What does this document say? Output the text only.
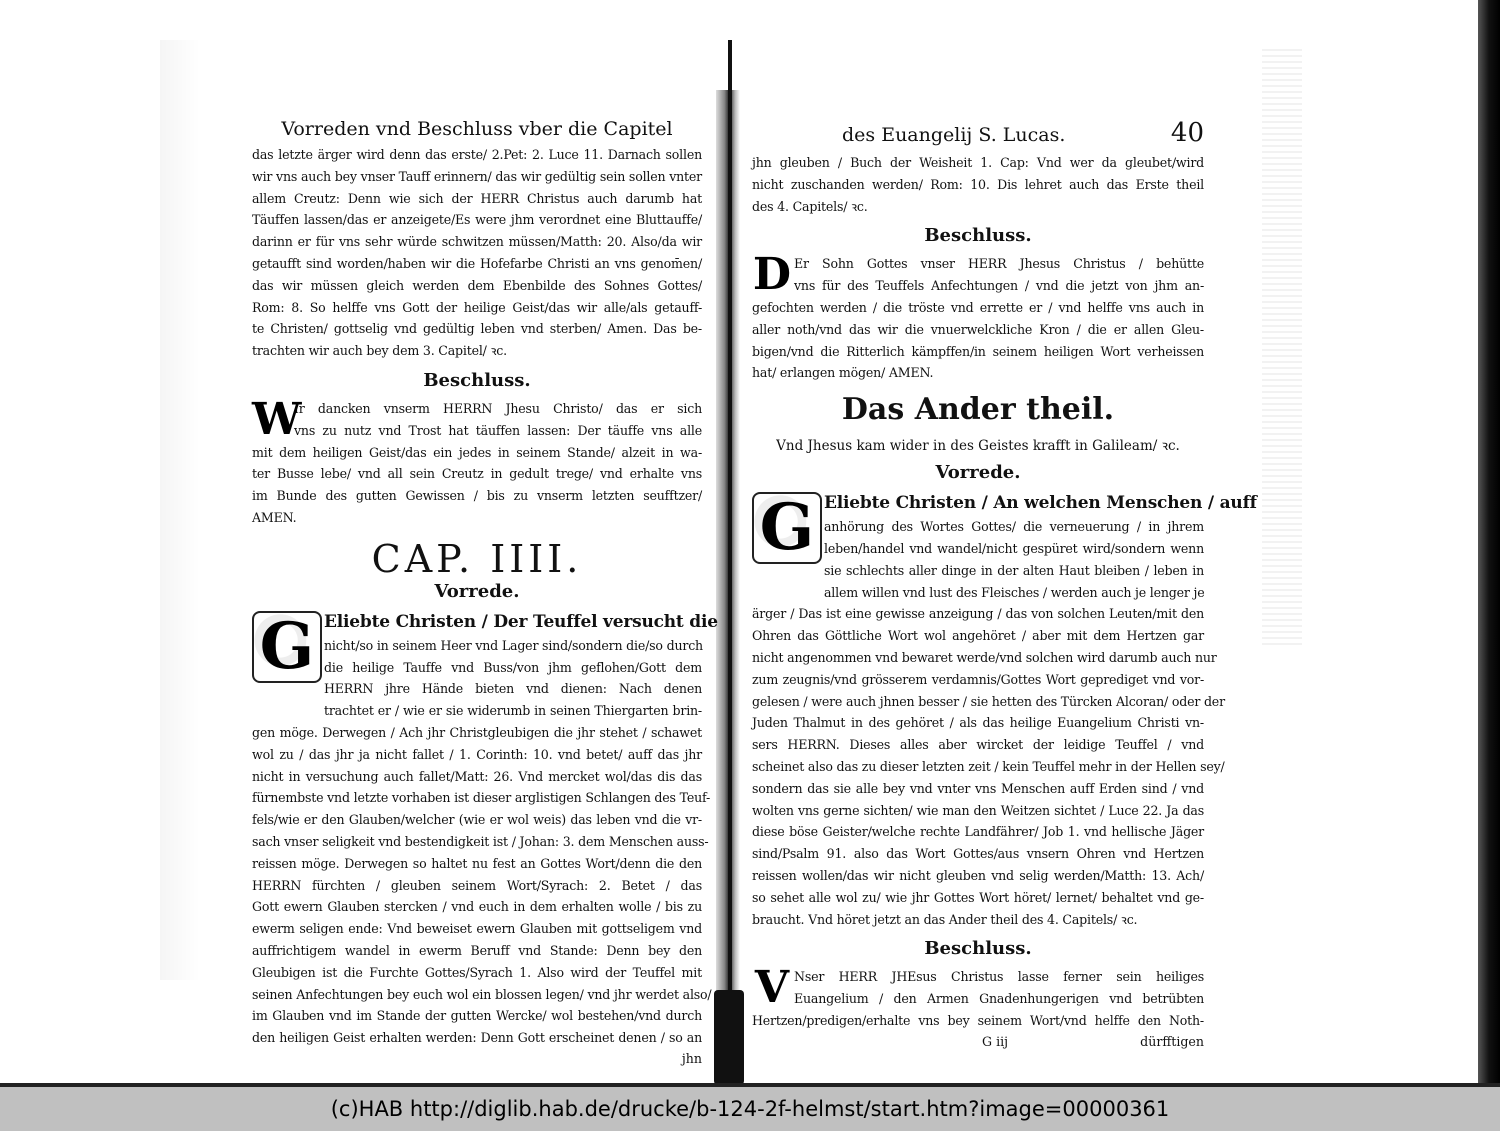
Vorreden vnd Beschluss vber die Capitel
das letzte ärger wird denn das erste/ 2.Pet: 2. Luce 11. Darnach sollen
wir vns auch bey vnser Tauff erinnern/ das wir gedültig sein sollen vnter
allem Creutz: Denn wie sich der HERR Christus auch darumb hat
Täuffen lassen/das er anzeigete/Es were jhm verordnet eine Bluttauffe/
darinn er für vns sehr würde schwitzen müssen/Matth: 20. Also/da wir
getaufft sind worden/haben wir die Hofefarbe Christi an vns genom̄en/
das wir müssen gleich werden dem Ebenbilde des Sohnes Gottes/
Rom: 8. So helffe vns Gott der heilige Geist/das wir alle/als getauff-
te Christen/ gottselig vnd gedültig leben vnd sterben/ Amen. Das be-
trachten wir auch bey dem 3. Capitel/ ꝛc.
Beschluss.
W
Ir dancken vnserm HERRN Jhesu Christo/ das er sich
vns zu nutz vnd Trost hat täuffen lassen: Der täuffe vns alle
mit dem heiligen Geist/das ein jedes in seinem Stande/ alzeit in wa-
ter Busse lebe/ vnd all sein Creutz in gedult trege/ vnd erhalte vns
im Bunde des gutten Gewissen / bis zu vnserm letzten seufftzer/
AMEN.
CAP. IIII.
Vorrede.
G Eliebte Christen / Der Teuffel versucht die
nicht/so in seinem Heer vnd Lager sind/sondern die/so durch
die heilige Tauffe vnd Buss/von jhm geflohen/Gott dem
HERRN jhre Hände bieten vnd dienen: Nach denen
trachtet er / wie er sie widerumb in seinen Thiergarten brin-
gen möge. Derwegen / Ach jhr Christgleubigen die jhr stehet / schawet
wol zu / das jhr ja nicht fallet / 1. Corinth: 10. vnd betet/ auff das jhr
nicht in versuchung auch fallet/Matt: 26. Vnd mercket wol/das dis das
fürnembste vnd letzte vorhaben ist dieser arglistigen Schlangen des Teuf-
fels/wie er den Glauben/welcher (wie er wol weis) das leben vnd die vr-
sach vnser seligkeit vnd bestendigkeit ist / Johan: 3. dem Menschen auss-
reissen möge. Derwegen so haltet nu fest an Gottes Wort/denn die den
HERRN fürchten / gleuben seinem Wort/Syrach: 2. Betet / das
Gott ewern Glauben stercken / vnd euch in dem erhalten wolle / bis zu
ewerm seligen ende: Vnd beweiset ewern Glauben mit gottseligem vnd
auffrichtigem wandel in ewerm Beruff vnd Stande: Denn bey den
Gleubigen ist die Furchte Gottes/Syrach 1. Also wird der Teuffel mit
seinen Anfechtungen bey euch wol ein blossen legen/ vnd jhr werdet also/
im Glauben vnd im Stande der gutten Wercke/ wol bestehen/vnd durch
den heiligen Geist erhalten werden: Denn Gott erscheinet denen / so an
jhn
des Euangelij S. Lucas.	40
jhn gleuben / Buch der Weisheit 1. Cap: Vnd wer da gleubet/wird
nicht zuschanden werden/ Rom: 10. Dis lehret auch das Erste theil
des 4. Capitels/ ꝛc.
Beschluss.
D Er Sohn Gottes vnser HERR Jhesus Christus / behütte
vns für des Teuffels Anfechtungen / vnd die jetzt von jhm an-
gefochten werden / die tröste vnd errette er / vnd helffe vns auch in
aller noth/vnd das wir die vnuerwelckliche Kron / die er allen Gleu-
bigen/vnd die Ritterlich kämpffen/in seinem heiligen Wort verheissen
hat/ erlangen mögen/ AMEN.
Das Ander theil.
Vnd Jhesus kam wider in des Geistes krafft in Galileam/ ꝛc.
Vorrede.
G Eliebte Christen / An welchen Menschen / auff
anhörung des Wortes Gottes/ die verneuerung / in jhrem
leben/handel vnd wandel/nicht gespüret wird/sondern wenn
sie schlechts aller dinge in der alten Haut bleiben / leben in
allem willen vnd lust des Fleisches / werden auch je lenger je
ärger / Das ist eine gewisse anzeigung / das von solchen Leuten/mit den
Ohren das Göttliche Wort wol angehöret / aber mit dem Hertzen gar
nicht angenommen vnd bewaret werde/vnd solchen wird darumb auch nur
zum zeugnis/vnd grösserem verdamnis/Gottes Wort geprediget vnd vor-
gelesen / were auch jhnen besser / sie hetten des Türcken Alcoran/ oder der
Juden Thalmut in des gehöret / als das heilige Euangelium Christi vn-
sers HERRN. Dieses alles aber wircket der leidige Teuffel / vnd
scheinet also das zu dieser letzten zeit / kein Teuffel mehr in der Hellen sey/
sondern das sie alle bey vnd vnter vns Menschen auff Erden sind / vnd
wolten vns gerne sichten/ wie man den Weitzen sichtet / Luce 22. Ja das
diese böse Geister/welche rechte Landfährer/ Job 1. vnd hellische Jäger
sind/Psalm 91. also das Wort Gottes/aus vnsern Ohren vnd Hertzen
reissen wollen/das wir nicht gleuben vnd selig werden/Matth: 13. Ach/
so sehet alle wol zu/ wie jhr Gottes Wort höret/ lernet/ behaltet vnd ge-
braucht. Vnd höret jetzt an das Ander theil des 4. Capitels/ ꝛc.
Beschluss.
V Nser HERR JHEsus Christus lasse ferner sein heiliges
Euangelium / den Armen Gnadenhungerigen vnd betrübten
Hertzen/predigen/erhalte vns bey seinem Wort/vnd helffe den Noth-
G iij	dürfftigen
(c)HAB http://diglib.hab.de/drucke/b-124-2f-helmst/start.htm?image=00000361
